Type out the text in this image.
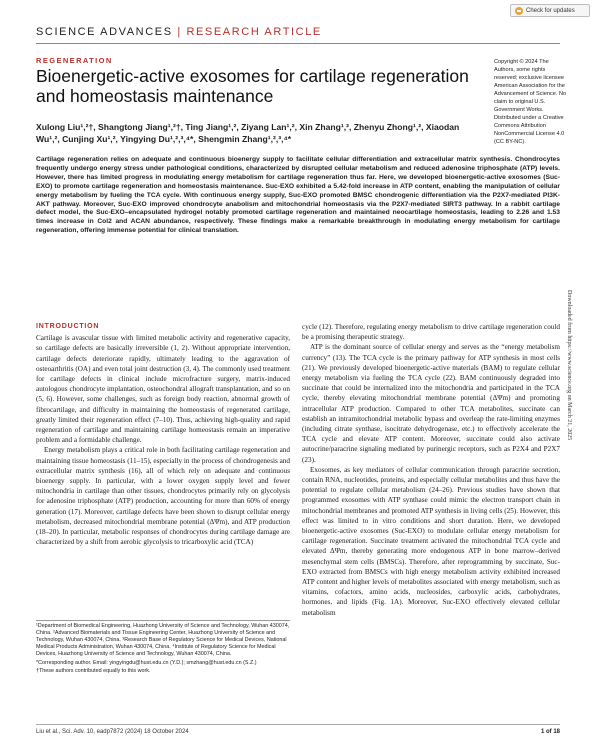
Check for updates
SCIENCE ADVANCES | RESEARCH ARTICLE
REGENERATION
Bioenergetic-active exosomes for cartilage regeneration and homeostasis maintenance
Xulong Liu¹,²†, Shangtong Jiang¹,²†, Ting Jiang¹,², Ziyang Lan¹,², Xin Zhang¹,², Zhenyu Zhong¹,², Xiaodan Wu¹,², Cunjing Xu¹,², Yingying Du¹,²,³,⁴*, Shengmin Zhang¹,²,³,⁴*
Copyright © 2024 The Authors, some rights reserved; exclusive licensee American Association for the Advancement of Science. No claim to original U.S. Government Works. Distributed under a Creative Commons Attribution NonCommercial License 4.0 (CC BY-NC).
Cartilage regeneration relies on adequate and continuous bioenergy supply to facilitate cellular differentiation and extracellular matrix synthesis. Chondrocytes frequently undergo energy stress under pathological conditions, characterized by disrupted cellular metabolism and reduced adenosine triphosphate (ATP) levels. However, there has limited progress in modulating energy metabolism for cartilage regeneration thus far. Here, we developed bioenergetic-active exosomes (Suc-EXO) to promote cartilage regeneration and homeostasis maintenance. Suc-EXO exhibited a 5.42-fold increase in ATP content, enabling the manipulation of cellular energy metabolism by fueling the TCA cycle. With continuous energy supply, Suc-EXO promoted BMSC chondrogenic differentiation via the P2X7-mediated PI3K-AKT pathway. Moreover, Suc-EXO improved chondrocyte anabolism and mitochondrial homeostasis via the P2X7-mediated SIRT3 pathway. In a rabbit cartilage defect model, the Suc-EXO–encapsulated hydrogel notably promoted cartilage regeneration and maintained neocartilage homeostasis, leading to 2.26 and 1.53 times increase in Col2 and ACAN abundance, respectively. These findings make a remarkable breakthrough in modulating energy metabolism for cartilage regeneration, offering immense potential for clinical translation.
Downloaded from https://www.science.org on March 21, 2025
INTRODUCTION

Cartilage is avascular tissue with limited metabolic activity and regenerative capacity, so cartilage defects are basically irreversible (1, 2). Without appropriate intervention, cartilage defects deteriorate rapidly, ultimately leading to the aggravation of osteoarthritis (OA) and even total joint destruction (3, 4). The commonly used treatment for cartilage defects in clinical include microfracture surgery, matrix-induced autologous chondrocyte implantation, osteochondral allograft transplantation, and so on (5, 6). However, some challenges, such as foreign body reaction, abnormal growth of fibrocartilage, and difficulty in maintaining the homeostasis of regenerated cartilage, greatly limited their regeneration effect (7–10). Thus, achieving high-quality and rapid regeneration of cartilage and maintaining cartilage homeostasis remain an imperative problem and a formidable challenge.

Energy metabolism plays a critical role in both facilitating cartilage regeneration and maintaining tissue homeostasis (11–15), especially in the process of chondrogenesis and extracellular matrix synthesis (16), all of which rely on adequate and continuous bioenergy supply. In particular, with a lower oxygen supply level and fewer mitochondria in cartilage than other tissues, chondrocytes primarily rely on glycolysis for adenosine triphosphate (ATP) production, accounting for more than 60% of energy generation (17). Moreover, cartilage defects have been shown to disrupt cellular energy metabolism, decreased mitochondrial membrane potential (ΔΨm), and ATP production (18–20). In particular, metabolic responses of chondrocytes during cartilage damage are characterized by a shift from aerobic glycolysis to tricarboxylic acid (TCA)

cycle (12). Therefore, regulating energy metabolism to drive cartilage regeneration could be a promising therapeutic strategy.

ATP is the dominant source of cellular energy and serves as the “energy metabolism currency” (13). The TCA cycle is the primary pathway for ATP synthesis in most cells (21). We previously developed bioenergetic-active materials (BAM) to regulate cellular energy metabolism via fueling the TCA cycle (22). BAM continuously degraded into succinate that could be internalized into the mitochondria and participated in the TCA cycle, thereby elevating mitochondrial membrane potential (ΔΨm) and promoting intracellular ATP production. Compared to other TCA metabolites, succinate can establish an intramitochondrial metabolic bypass and overleap the rate-limiting enzymes (including citrate synthase, isocitrate dehydrogenase, etc.) to effectively accelerate the TCA cycle and elevate ATP content. Moreover, succinate could also activate autocrine/paracrine signaling mediated by purinergic receptors, such as P2X4 and P2X7 (23).

Exosomes, as key mediators of cellular communication through paracrine secretion, contain RNA, nucleotides, proteins, and especially cellular metabolites and thus have the potential to regulate cellular metabolism (24–26). Previous studies have shown that programmed exosomes with ATP synthase could mimic the electron transport chain in mitochondrial membranes and promoted ATP synthesis in living cells (25). However, this effect was limited to in vitro conditions and short duration. Here, we developed bioenergetic-active exosomes (Suc-EXO) to modulate cellular energy metabolism for cartilage regeneration. Succinate treatment activated the mitochondrial TCA cycle and elevated ΔΨm, thereby generating more endogenous ATP in bone marrow–derived mesenchymal stem cells (BMSCs). Therefore, after reprogramming by succinate, Suc-EXO extracted from BMSCs with high energy metabolism activity exhibited increased ATP content and higher levels of metabolites associated with energy metabolism, such as vitamins, cofactors, amino acids, nucleosides, carboxylic acids, carbohydrates, hormones, and lipids (Fig. 1A). Moreover, Suc-EXO effectively elevated cellular metabolism

¹Department of Biomedical Engineering, Huazhong University of Science and Technology, Wuhan 430074, China. ²Advanced Biomaterials and Tissue Engineering Center, Huazhong University of Science and Technology, Wuhan 430074, China. ³Research Base of Regulatory Science for Medical Devices, National Medical Products Administration, Wuhan 430074, China. ⁴Institute of Regulatory Science for Medical Devices, Huazhong University of Science and Technology, Wuhan 430074, China.

*Corresponding author. Email: yingyingdu@hust.edu.cn (Y.D.); smzhang@hust.edu.cn (S.Z.)

†These authors contributed equally to this work.

Liu et al., Sci. Adv. 10, eadp7872 (2024) 18 October 2024	1 of 18
